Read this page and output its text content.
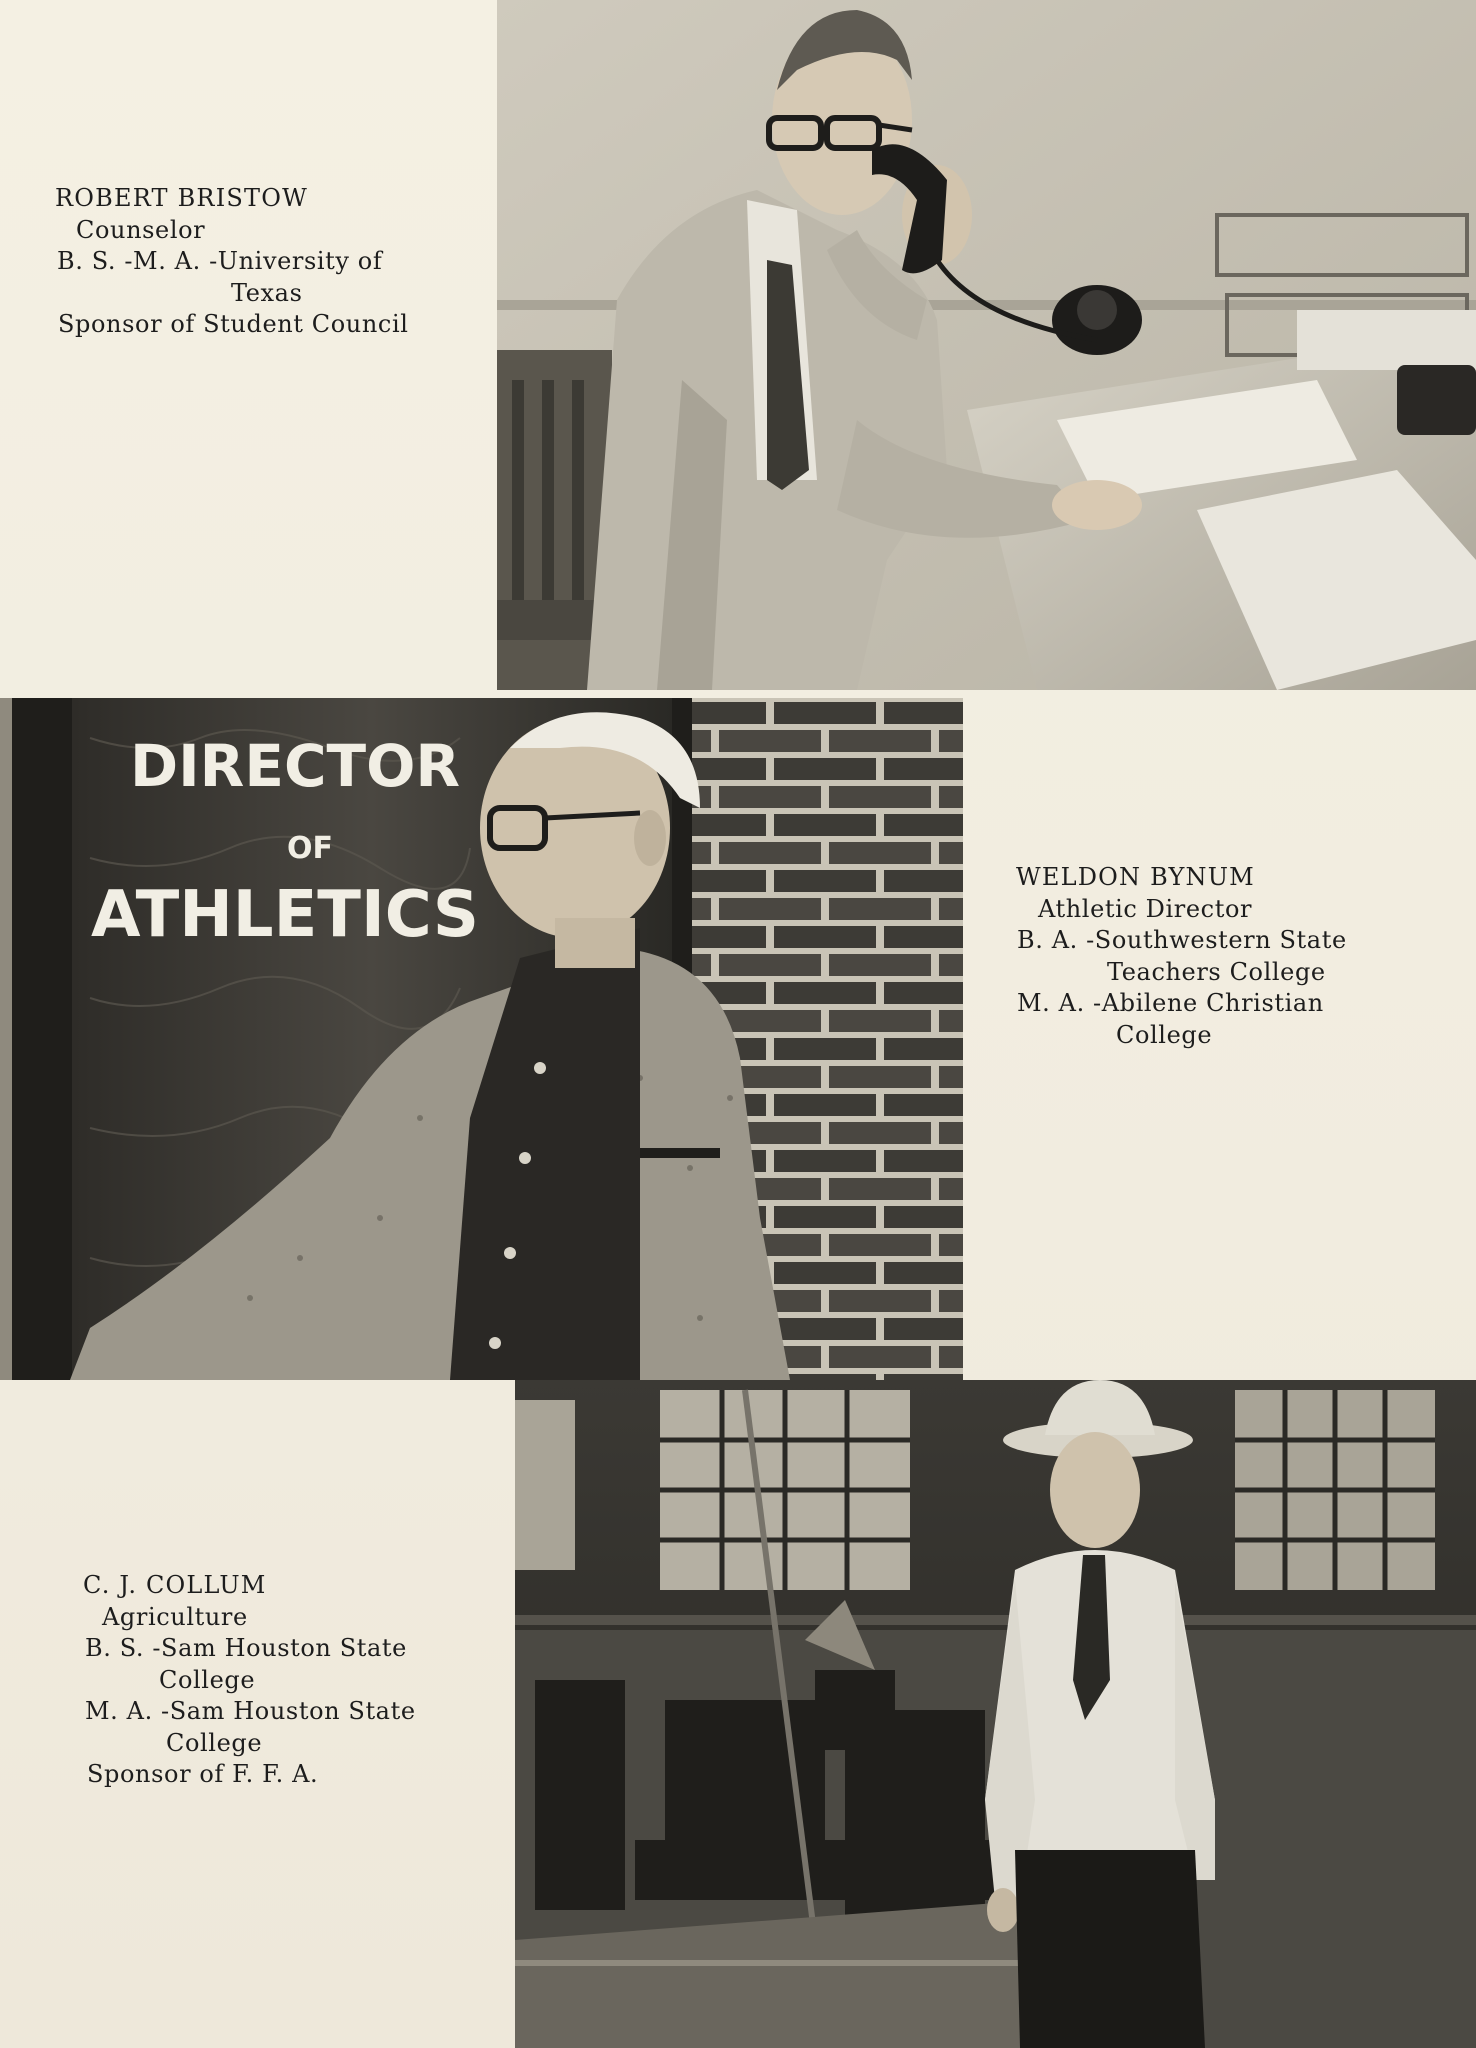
ROBERT BRISTOW
Counselor
B. S. -M. A. -University of
Texas
Sponsor of Student Council
DIRECTOR
OF
ATHLETICS
WELDON BYNUM
Athletic Director
B. A. -Southwestern State
Teachers College
M. A. -Abilene Christian
College
C. J. COLLUM
Agriculture
B. S. -Sam Houston State
College
M. A. -Sam Houston State
College
Sponsor of F. F. A.
